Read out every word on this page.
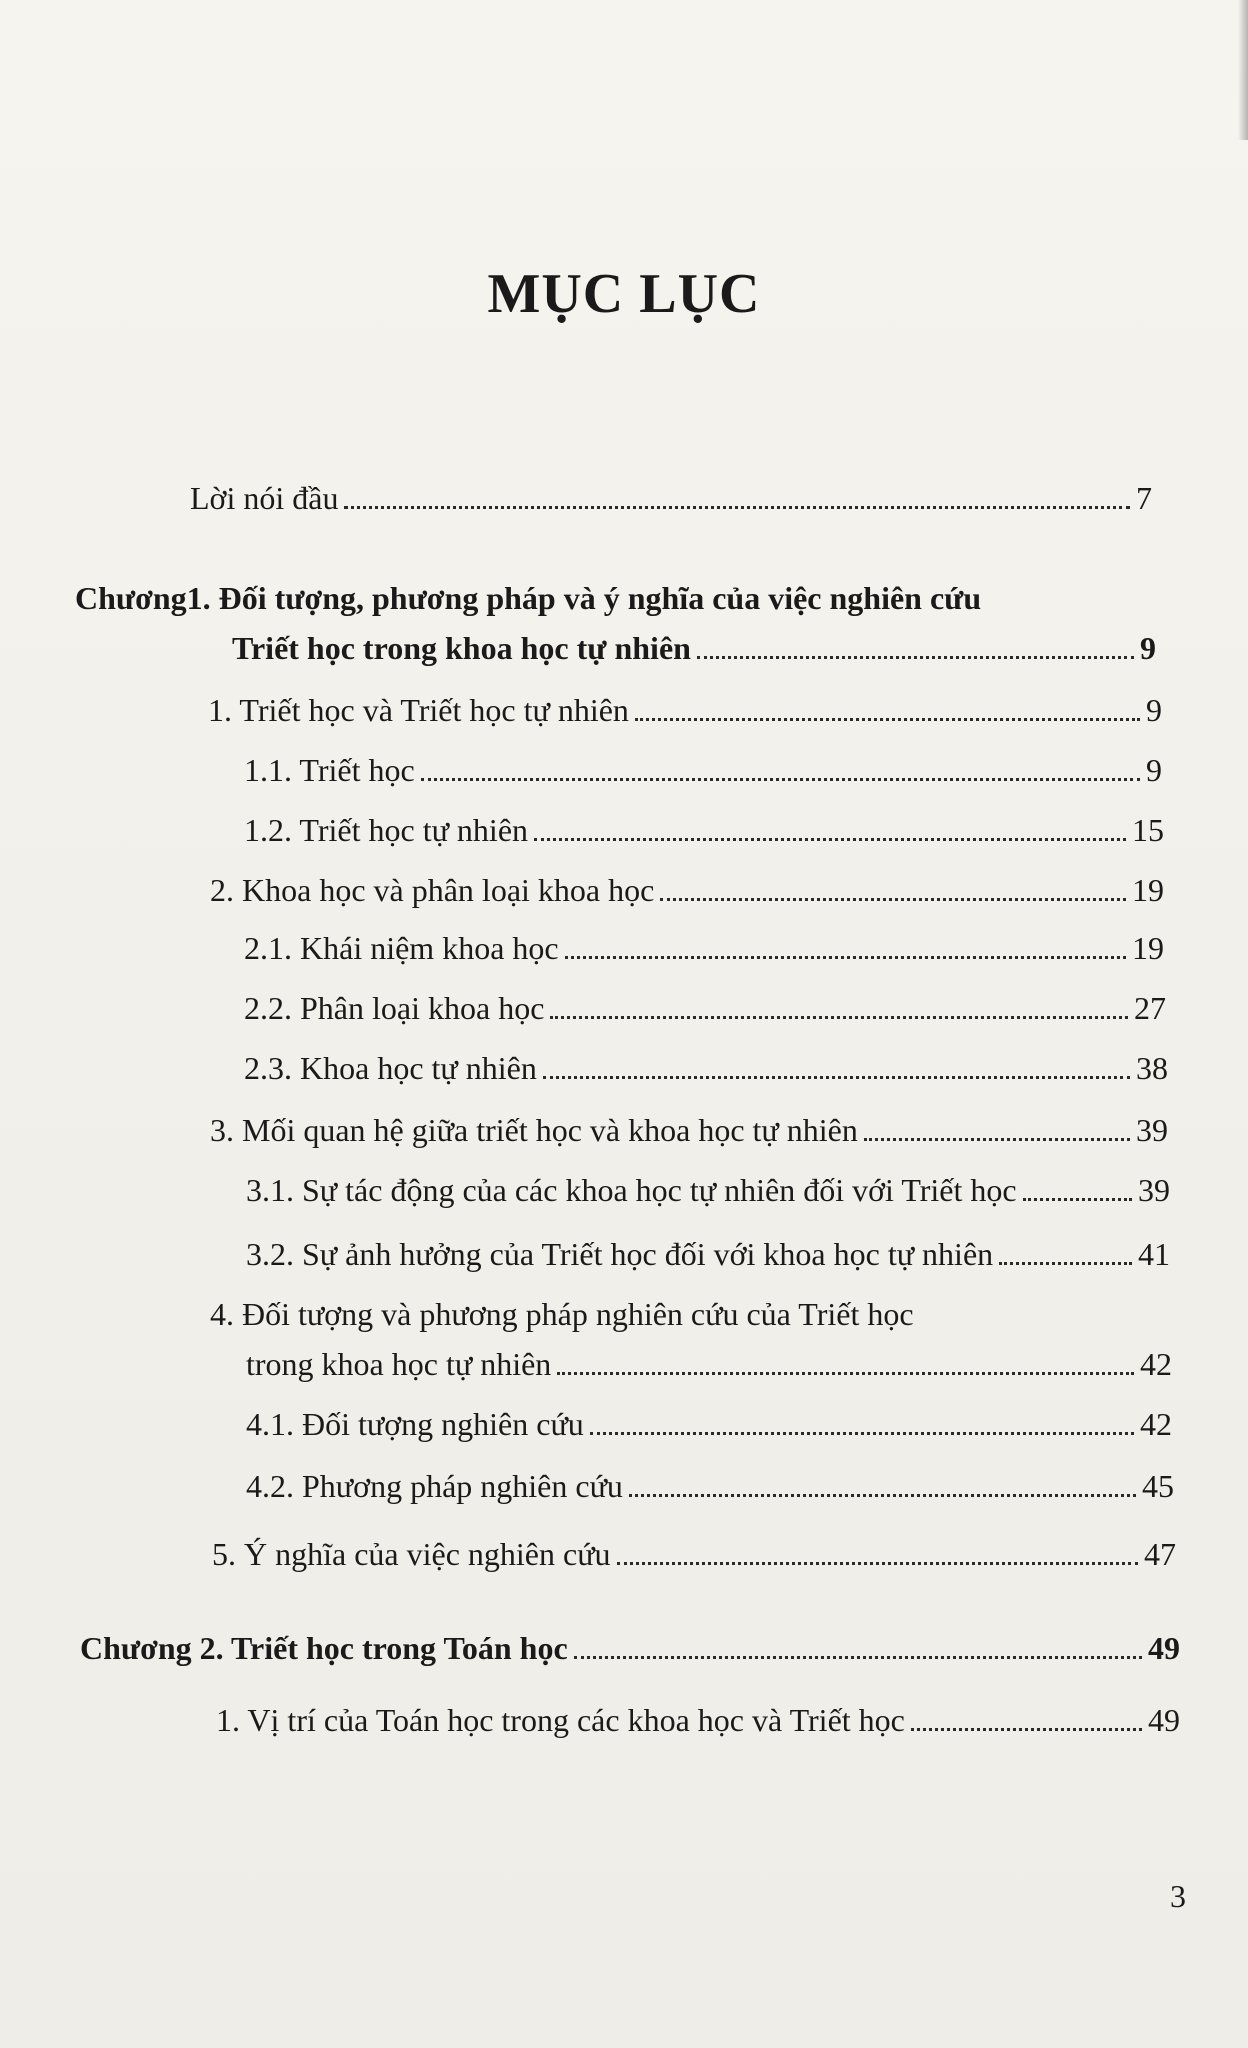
MỤC LỤC
Lời nói đầu	7
Chương1. Đối tượng, phương pháp và ý nghĩa của việc nghiên cứu
Triết học trong khoa học tự nhiên	9
1. Triết học và Triết học tự nhiên	9
1.1. Triết học	9
1.2. Triết học tự nhiên	15
2. Khoa học và phân loại khoa học	19
2.1. Khái niệm khoa học	19
2.2. Phân loại khoa học	27
2.3. Khoa học tự nhiên	38
3. Mối quan hệ giữa triết học và khoa học tự nhiên	39
3.1. Sự tác động của các khoa học tự nhiên đối với Triết học	39
3.2. Sự ảnh hưởng của Triết học đối với khoa học tự nhiên	41
4. Đối tượng và phương pháp nghiên cứu của Triết học
trong khoa học tự nhiên	42
4.1. Đối tượng nghiên cứu	42
4.2. Phương pháp nghiên cứu	45
5. Ý nghĩa của việc nghiên cứu	47
Chương 2. Triết học trong Toán học	49
1. Vị trí của Toán học trong các khoa học và Triết học	49
3
